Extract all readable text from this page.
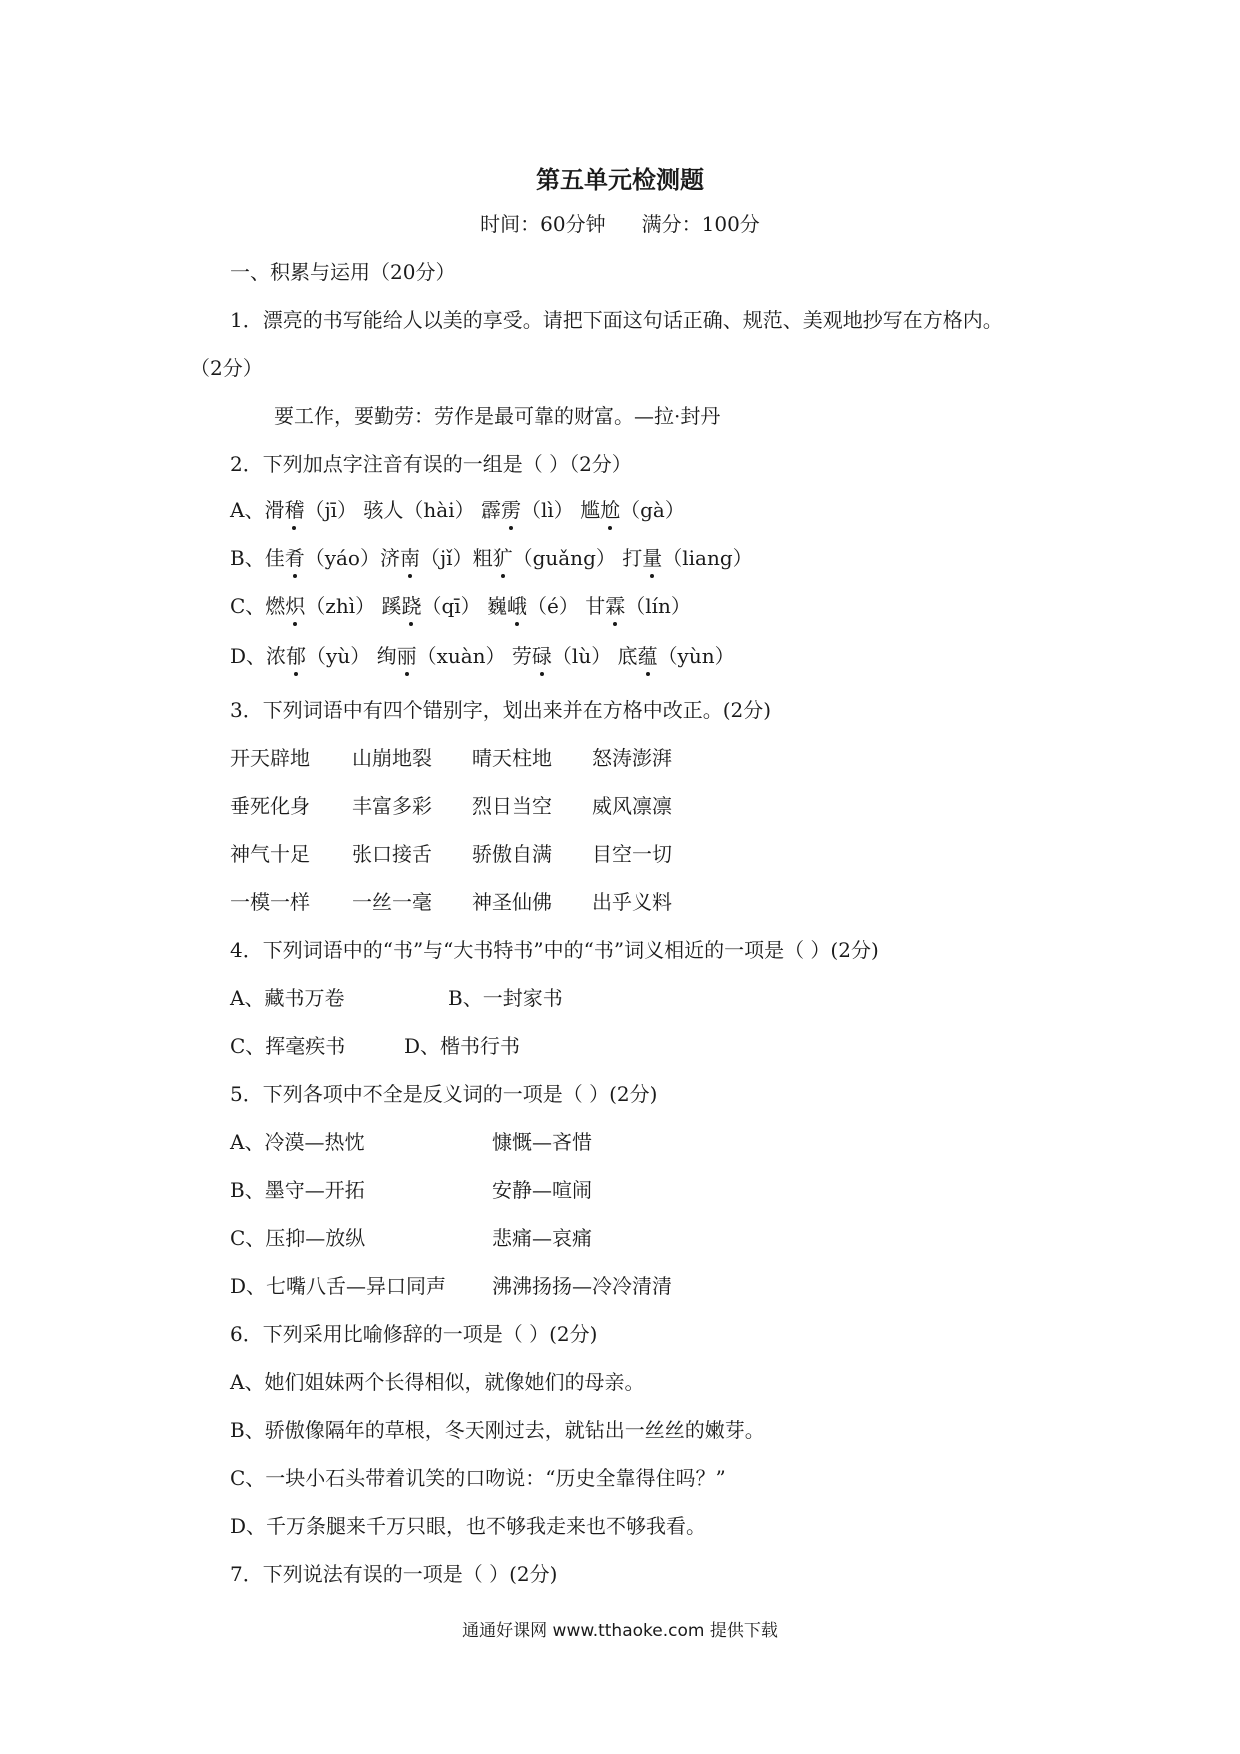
第五单元检测题
时间：60分钟 满分：100分
一、积累与运用（20分）
1．漂亮的书写能给人以美的享受。请把下面这句话正确、规范、美观地抄写在方格内。
（2分）
要工作，要勤劳：劳作是最可靠的财富。—拉·封丹
2．下列加点字注音有误的一组是（ ）（2分）
A、滑稽（jī） 骇人（hài） 霹雳（lì） 尴尬（gà）
B、佳肴（yáo）济南（jǐ）粗犷（guǎng） 打量（liang）
C、燃炽（zhì） 蹊跷（qī） 巍峨（é） 甘霖（lín）
D、浓郁（yù） 绚丽（xuàn） 劳碌（lù） 底蕴（yùn）
3．下列词语中有四个错别字，划出来并在方格中改正。(2分)
开天辟地 山崩地裂 晴天柱地 怒涛澎湃
垂死化身 丰富多彩 烈日当空 威风凛凛
神气十足 张口接舌 骄傲自满 目空一切
一模一样 一丝一毫 神圣仙佛 出乎义料
4．下列词语中的“书”与“大书特书”中的“书”词义相近的一项是（ ）(2分)
A、藏书万卷	B、一封家书
C、挥毫疾书	D、楷书行书
5．下列各项中不全是反义词的一项是（ ）(2分)
A、冷漠—热忱	慷慨—吝惜
B、墨守—开拓	安静—喧闹
C、压抑—放纵	悲痛—哀痛
D、七嘴八舌—异口同声 沸沸扬扬—冷冷清清
6．下列采用比喻修辞的一项是（ ）(2分)
A、她们姐妹两个长得相似，就像她们的母亲。
B、骄傲像隔年的草根，冬天刚过去，就钻出一丝丝的嫩芽。
C、一块小石头带着讥笑的口吻说：“历史全靠得住吗？”
D、千万条腿来千万只眼，也不够我走来也不够我看。
7．下列说法有误的一项是（ ）(2分)
通通好课网 www.tthaoke.com 提供下载
